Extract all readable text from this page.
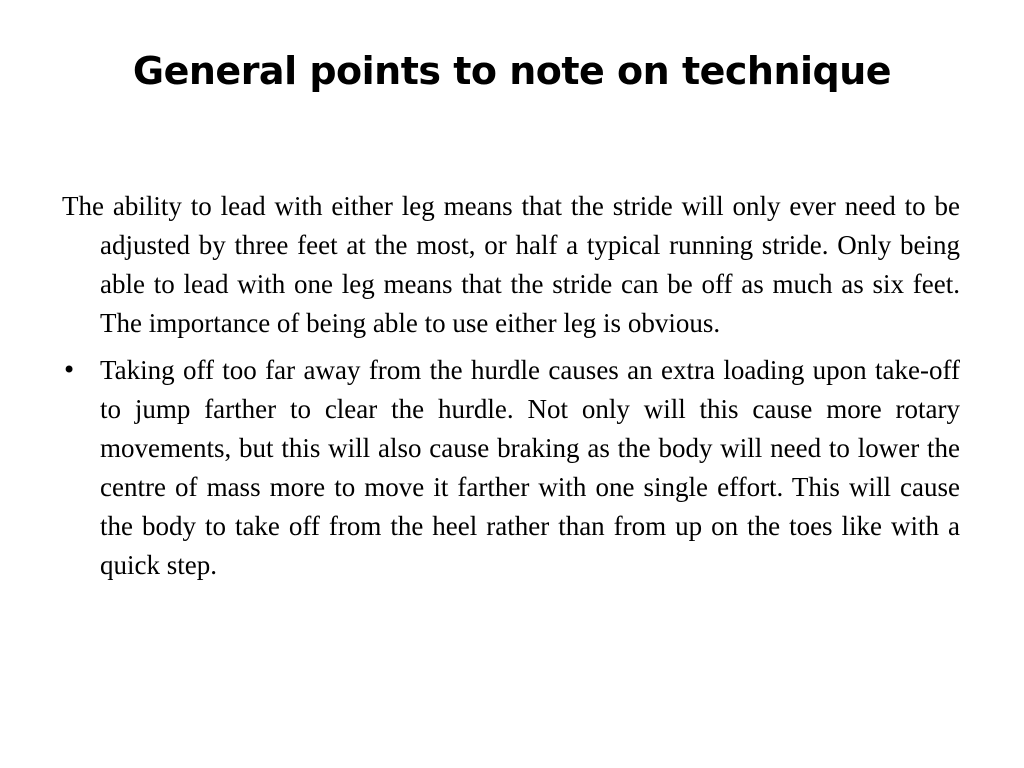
General points to note on technique
The ability to lead with either leg means that the stride will only ever need to be adjusted by three feet at the most, or half a typical running stride. Only being able to lead with one leg means that the stride can be off as much as six feet. The importance of being able to use either leg is obvious.
• Taking off too far away from the hurdle causes an extra loading upon take-off to jump farther to clear the hurdle. Not only will this cause more rotary movements, but this will also cause braking as the body will need to lower the centre of mass more to move it farther with one single effort. This will cause the body to take off from the heel rather than from up on the toes like with a quick step.
